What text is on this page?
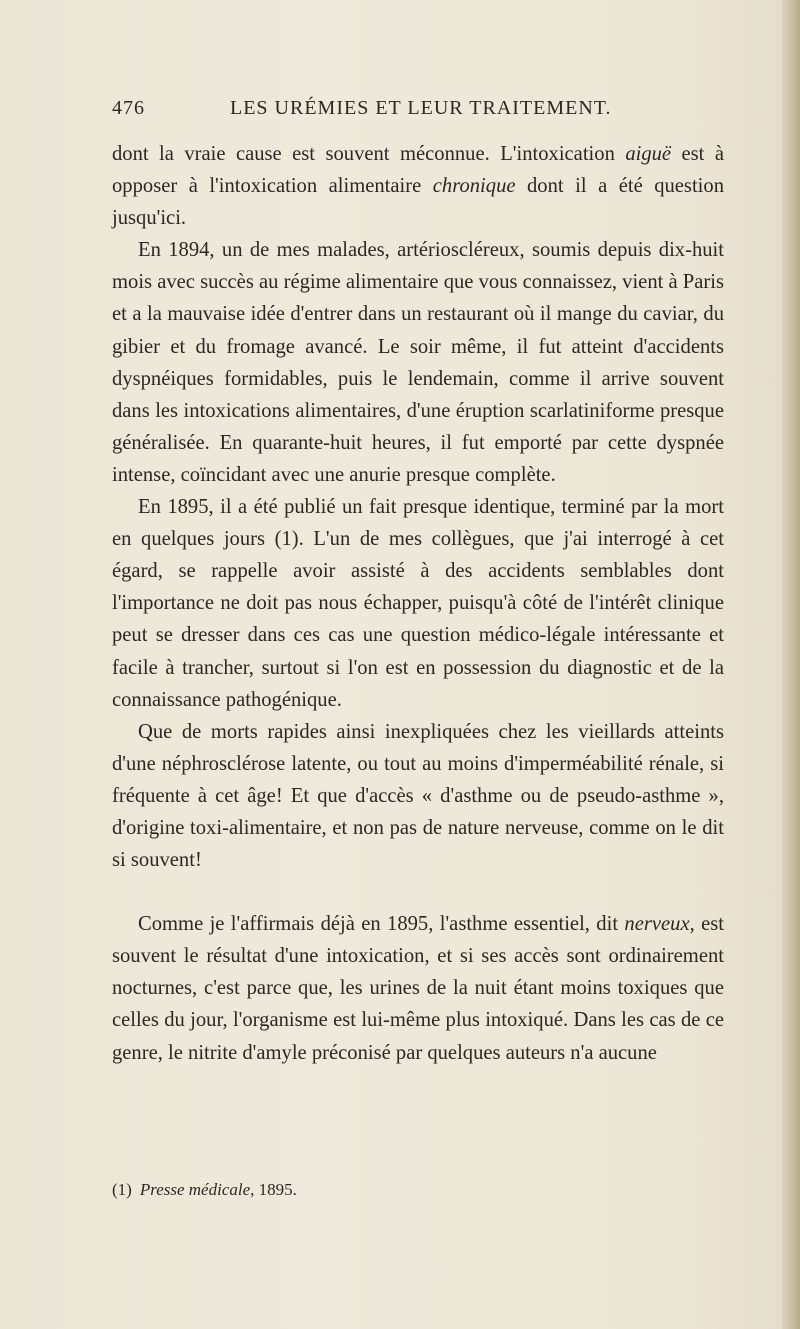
476	LES URÉMIES ET LEUR TRAITEMENT.

dont la vraie cause est souvent méconnue. L'intoxication aiguë est à opposer à l'intoxication alimentaire chronique dont il a été question jusqu'ici.

En 1894, un de mes malades, artérioscléreux, soumis depuis dix-huit mois avec succès au régime alimentaire que vous connaissez, vient à Paris et a la mauvaise idée d'entrer dans un restaurant où il mange du caviar, du gibier et du fromage avancé. Le soir même, il fut atteint d'accidents dyspnéiques formidables, puis le lendemain, comme il arrive souvent dans les intoxications alimentaires, d'une éruption scarlatiniforme presque généralisée. En quarante-huit heures, il fut emporté par cette dyspnée intense, coïncidant avec une anurie presque complète.

En 1895, il a été publié un fait presque identique, terminé par la mort en quelques jours (1). L'un de mes collègues, que j'ai interrogé à cet égard, se rappelle avoir assisté à des accidents semblables dont l'importance ne doit pas nous échapper, puisqu'à côté de l'intérêt clinique peut se dresser dans ces cas une question médico-légale intéressante et facile à trancher, surtout si l'on est en possession du diagnostic et de la connaissance pathogénique.

Que de morts rapides ainsi inexpliquées chez les vieillards atteints d'une néphrosclérose latente, ou tout au moins d'imperméabilité rénale, si fréquente à cet âge! Et que d'accès « d'asthme ou de pseudo-asthme », d'origine toxi-alimentaire, et non pas de nature nerveuse, comme on le dit si souvent!

Comme je l'affirmais déjà en 1895, l'asthme essentiel, dit nerveux, est souvent le résultat d'une intoxication, et si ses accès sont ordinairement nocturnes, c'est parce que, les urines de la nuit étant moins toxiques que celles du jour, l'organisme est lui-même plus intoxiqué. Dans les cas de ce genre, le nitrite d'amyle préconisé par quelques auteurs n'a aucune

(1) Presse médicale, 1895.
